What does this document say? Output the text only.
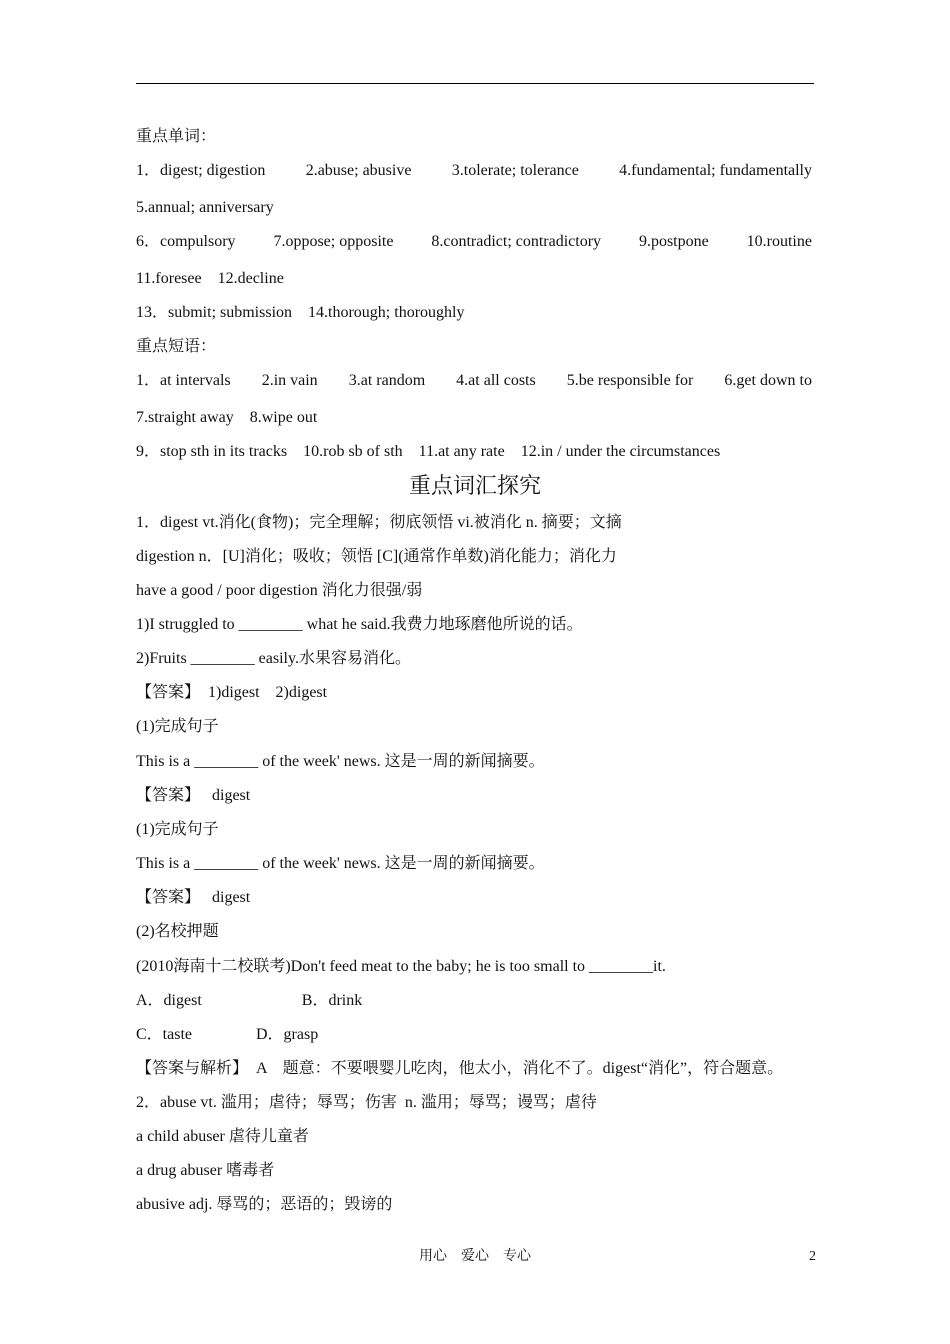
重点单词：
1．digest; digestion	2.abuse; abusive	3.tolerate; tolerance	4.fundamental; fundamentally
5.annual; anniversary
6．compulsory 7.oppose; opposite 8.contradict; contradictory 9.postpone 10.routine
11.foresee    12.decline
13．submit; submission    14.thorough; thoroughly
重点短语：
1．at intervals 2.in vain 3.at random 4.at all costs 5.be responsible for 6.get down to
7.straight away    8.wipe out
9．stop sth in its tracks    10.rob sb of sth    11.at any rate    12.in / under the circumstances
重点词汇探究
1．digest vt.消化(食物)；完全理解；彻底领悟 vi.被消化 n. 摘要；文摘
digestion n．[U]消化；吸收；领悟 [C](通常作单数)消化能力；消化力
have a good / poor digestion 消化力很强/弱
1)I struggled to ________ what he said.我费力地琢磨他所说的话。
2)Fruits ________ easily.水果容易消化。
【答案】  1)digest    2)digest
(1)完成句子
This is a ________ of the week' news. 这是一周的新闻摘要。
【答案】   digest
(1)完成句子
This is a ________ of the week' news. 这是一周的新闻摘要。
【答案】   digest
(2)名校押题
(2010海南十二校联考)Don't feed meat to the baby; he is too small to ________it.
A．digest                         B．drink
C．taste                D．grasp
【答案与解析】  A    题意：不要喂婴儿吃肉，他太小，消化不了。digest“消化”，符合题意。
2．abuse vt. 滥用；虐待；辱骂；伤害  n. 滥用；辱骂；谩骂；虐待
a child abuser 虐待儿童者
a drug abuser 嗜毒者
abusive adj. 辱骂的；恶语的；毁谤的
用心    爱心    专心	2
